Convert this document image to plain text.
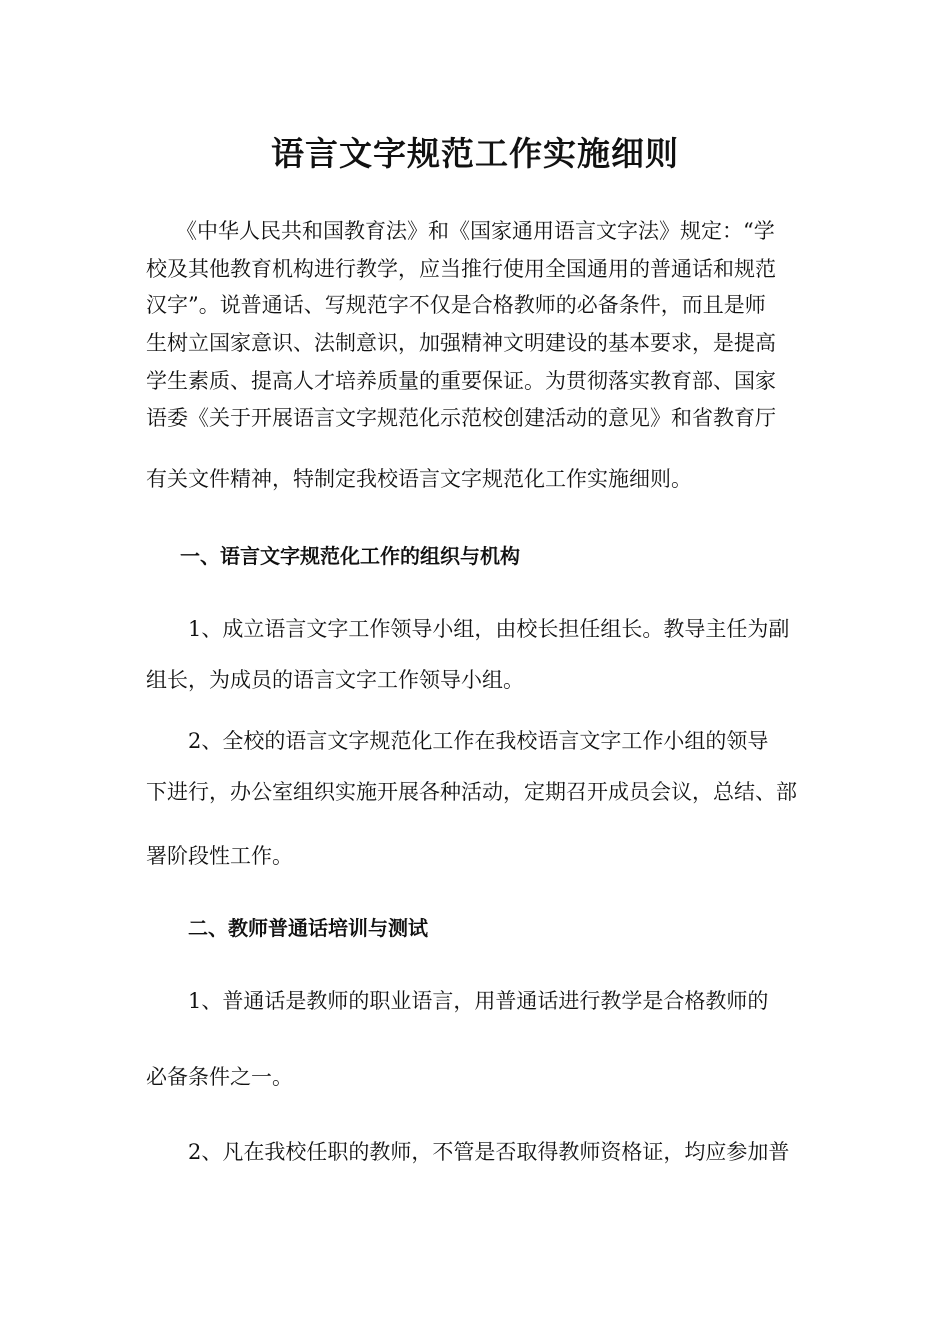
语言文字规范工作实施细则
《中华人民共和国教育法》和《国家通用语言文字法》规定：“学
校及其他教育机构进行教学，应当推行使用全国通用的普通话和规范
汉字”。说普通话、写规范字不仅是合格教师的必备条件，而且是师
生树立国家意识、法制意识，加强精神文明建设的基本要求，是提高
学生素质、提高人才培养质量的重要保证。为贯彻落实教育部、国家
语委《关于开展语言文字规范化示范校创建活动的意见》和省教育厅
有关文件精神，特制定我校语言文字规范化工作实施细则。
一、语言文字规范化工作的组织与机构
1、成立语言文字工作领导小组，由校长担任组长。教导主任为副
组长，为成员的语言文字工作领导小组。
2、全校的语言文字规范化工作在我校语言文字工作小组的领导
下进行，办公室组织实施开展各种活动，定期召开成员会议，总结、部
署阶段性工作。
二、教师普通话培训与测试
1、普通话是教师的职业语言，用普通话进行教学是合格教师的
必备条件之一。
2、凡在我校任职的教师，不管是否取得教师资格证，均应参加普
